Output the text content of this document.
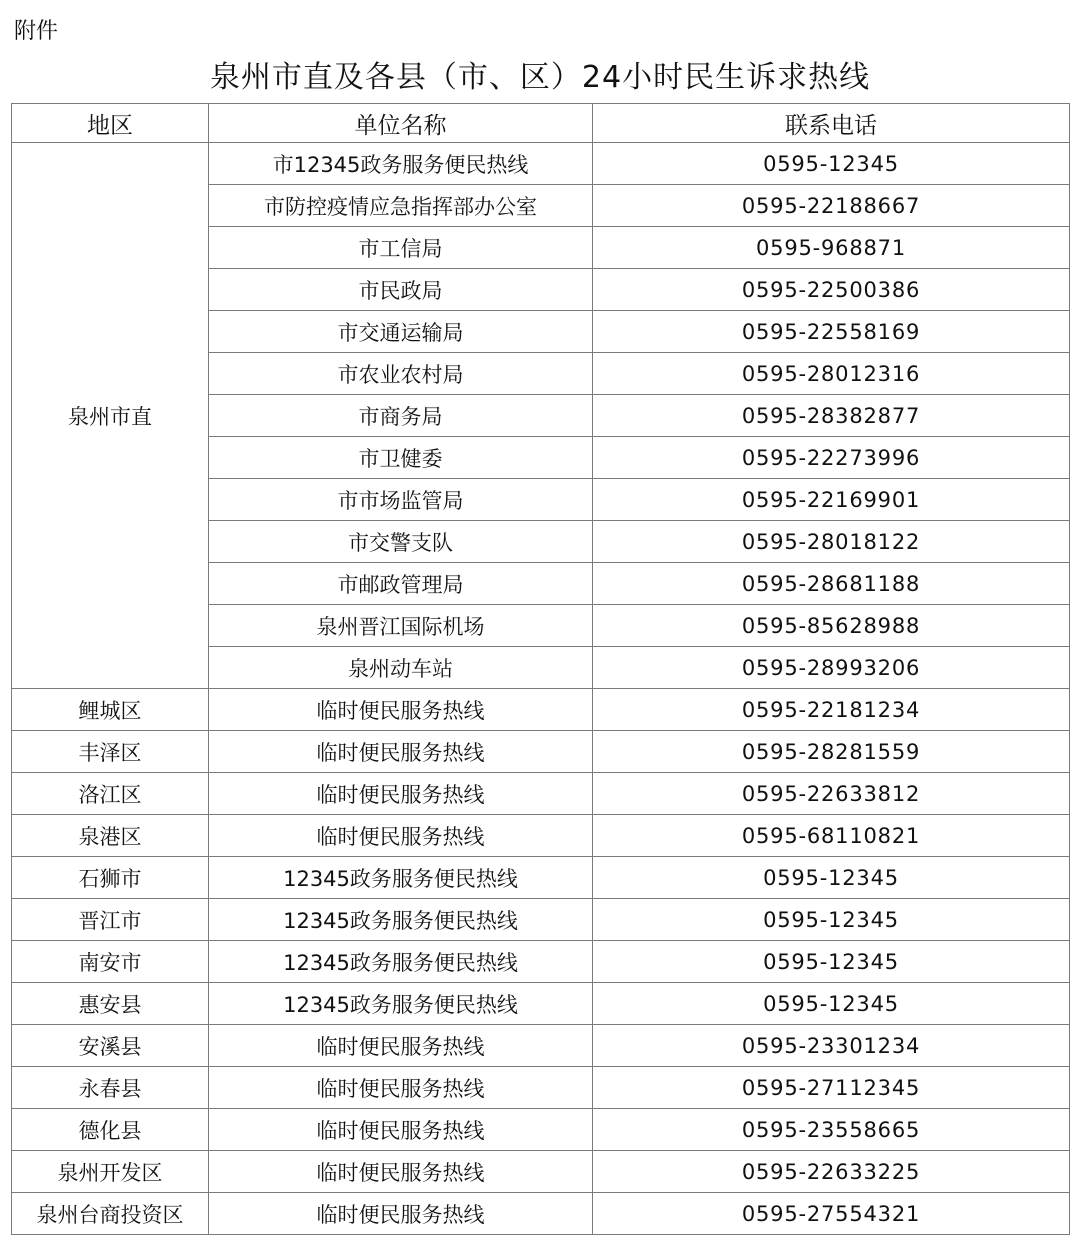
附件
泉州市直及各县（市、区）24小时民生诉求热线
地区	单位名称	联系电话
泉州市直	市12345政务服务便民热线	0595-12345
	市防控疫情应急指挥部办公室	0595-22188667
	市工信局	0595-968871
	市民政局	0595-22500386
	市交通运输局	0595-22558169
	市农业农村局	0595-28012316
	市商务局	0595-28382877
	市卫健委	0595-22273996
	市市场监管局	0595-22169901
	市交警支队	0595-28018122
	市邮政管理局	0595-28681188
	泉州晋江国际机场	0595-85628988
	泉州动车站	0595-28993206
鲤城区	临时便民服务热线	0595-22181234
丰泽区	临时便民服务热线	0595-28281559
洛江区	临时便民服务热线	0595-22633812
泉港区	临时便民服务热线	0595-68110821
石狮市	12345政务服务便民热线	0595-12345
晋江市	12345政务服务便民热线	0595-12345
南安市	12345政务服务便民热线	0595-12345
惠安县	12345政务服务便民热线	0595-12345
安溪县	临时便民服务热线	0595-23301234
永春县	临时便民服务热线	0595-27112345
德化县	临时便民服务热线	0595-23558665
泉州开发区	临时便民服务热线	0595-22633225
泉州台商投资区	临时便民服务热线	0595-27554321
